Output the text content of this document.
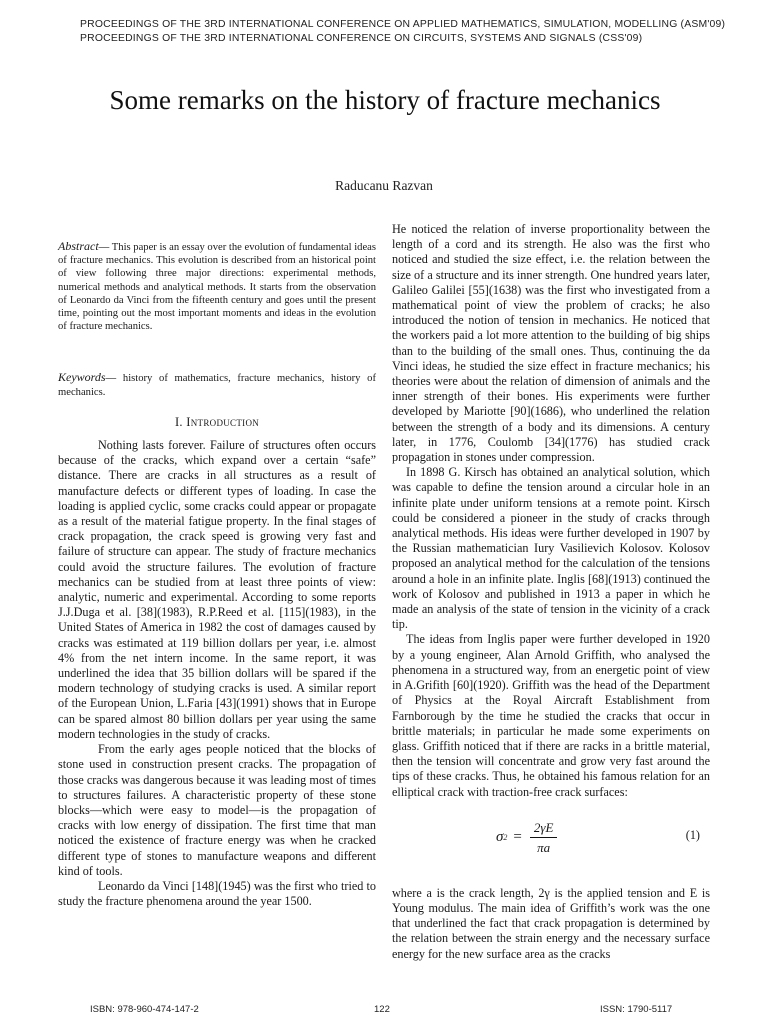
PROCEEDINGS OF THE 3RD INTERNATIONAL CONFERENCE ON APPLIED MATHEMATICS, SIMULATION, MODELLING (ASM'09)
PROCEEDINGS OF THE 3RD INTERNATIONAL CONFERENCE ON CIRCUITS, SYSTEMS AND SIGNALS (CSS'09)
Some remarks on the history of fracture mechanics
Raducanu Razvan

Abstract— This paper is an essay over the evolution of fundamental ideas of fracture mechanics. This evolution is described from an historical point of view following three major directions: experimental methods, numerical methods and analytical methods. It starts from the observation of Leonardo da Vinci from the fifteenth century and goes until the present time, pointing out the most important moments and ideas in the evolution of fracture mechanics.

Keywords— history of mathematics, fracture mechanics, history of mechanics.

I. Introduction

Nothing lasts forever. Failure of structures often occurs because of the cracks, which expand over a certain “safe” distance. There are cracks in all structures as a result of manufacture defects or different types of loading. In case the loading is applied cyclic, some cracks could appear or propagate as a result of the material fatigue property. In the final stages of crack propagation, the crack speed is growing very fast and failure of structure can appear. The study of fracture mechanics could avoid the structure failures. The evolution of fracture mechanics can be studied from at least three points of view: analytic, numeric and experimental. According to some reports J.J.Duga et al. [38](1983), R.P.Reed et al. [115](1983), in the United States of America in 1982 the cost of damages caused by cracks was estimated at 119 billion dollars per year, i.e. almost 4% from the net intern income. In the same report, it was underlined the idea that 35 billion dollars will be spared if the modern technology of studying cracks is used. A similar report of the European Union, L.Faria [43](1991) shows that in Europe can be spared almost 80 billion dollars per year using the same modern technologies in the study of cracks.

From the early ages people noticed that the blocks of stone used in construction present cracks. The propagation of those cracks was dangerous because it was leading most of times to structures failures. A characteristic property of these stone blocks—which were easy to model—is the propagation of cracks with low energy of dissipation. The first time that man noticed the existence of fracture energy was when he cracked different type of stones to manufacture weapons and different kind of tools.

Leonardo da Vinci [148](1945) was the first who tried to study the fracture phenomena around the year 1500.

He noticed the relation of inverse proportionality between the length of a cord and its strength. He also was the first who noticed and studied the size effect, i.e. the relation between the size of a structure and its inner strength. One hundred years later, Galileo Galilei [55](1638) was the first who investigated from a mathematical point of view the problem of cracks; he also introduced the notion of tension in mechanics. He noticed that the workers paid a lot more attention to the building of big ships than to the building of the small ones. Thus, continuing the da Vinci ideas, he studied the size effect in fracture mechanics; his theories were about the relation of dimension of animals and the inner strength of their bones. His experiments were further developed by Mariotte [90](1686), who underlined the relation between the strength of a body and its dimensions. A century later, in 1776, Coulomb [34](1776) has studied crack propagation in stones under compression.

In 1898 G. Kirsch has obtained an analytical solution, which was capable to define the tension around a circular hole in an infinite plate under uniform tensions at a remote point. Kirsch could be considered a pioneer in the study of cracks through analytical methods. His ideas were further developed in 1907 by the Russian mathematician Iury Vasilievich Kolosov. Kolosov proposed an analytical method for the calculation of the tensions around a hole in an infinite plate. Inglis [68](1913) continued the work of Kolosov and published in 1913 a paper in which he made an analysis of the state of tension in the vicinity of a crack tip.

The ideas from Inglis paper were further developed in 1920 by a young engineer, Alan Arnold Griffith, who analysed the phenomena in a structured way, from an energetic point of view in A.Grifith [60](1920). Griffith was the head of the Department of Physics at the Royal Aircraft Establishment from Farnborough by the time he studied the cracks that occur in brittle materials; in particular he made some experiments on glass. Griffith noticed that if there are racks in a brittle material, then the tension will concentrate and grow very fast around the tips of these cracks. Thus, he obtained his famous relation for an elliptical crack with traction-free crack surfaces:

σ $2 = \frac{2\gamma E}{\pi a}$	(1)

where a is the crack length, 2γ is the applied tension and E is Young modulus. The main idea of Griffith’s work was the one that underlined the fact that crack propagation is determined by the relation between the strain energy and the necessary surface energy for the new surface area as the cracks

ISBN: 978-960-474-147-2	122	ISSN: 1790-5117
